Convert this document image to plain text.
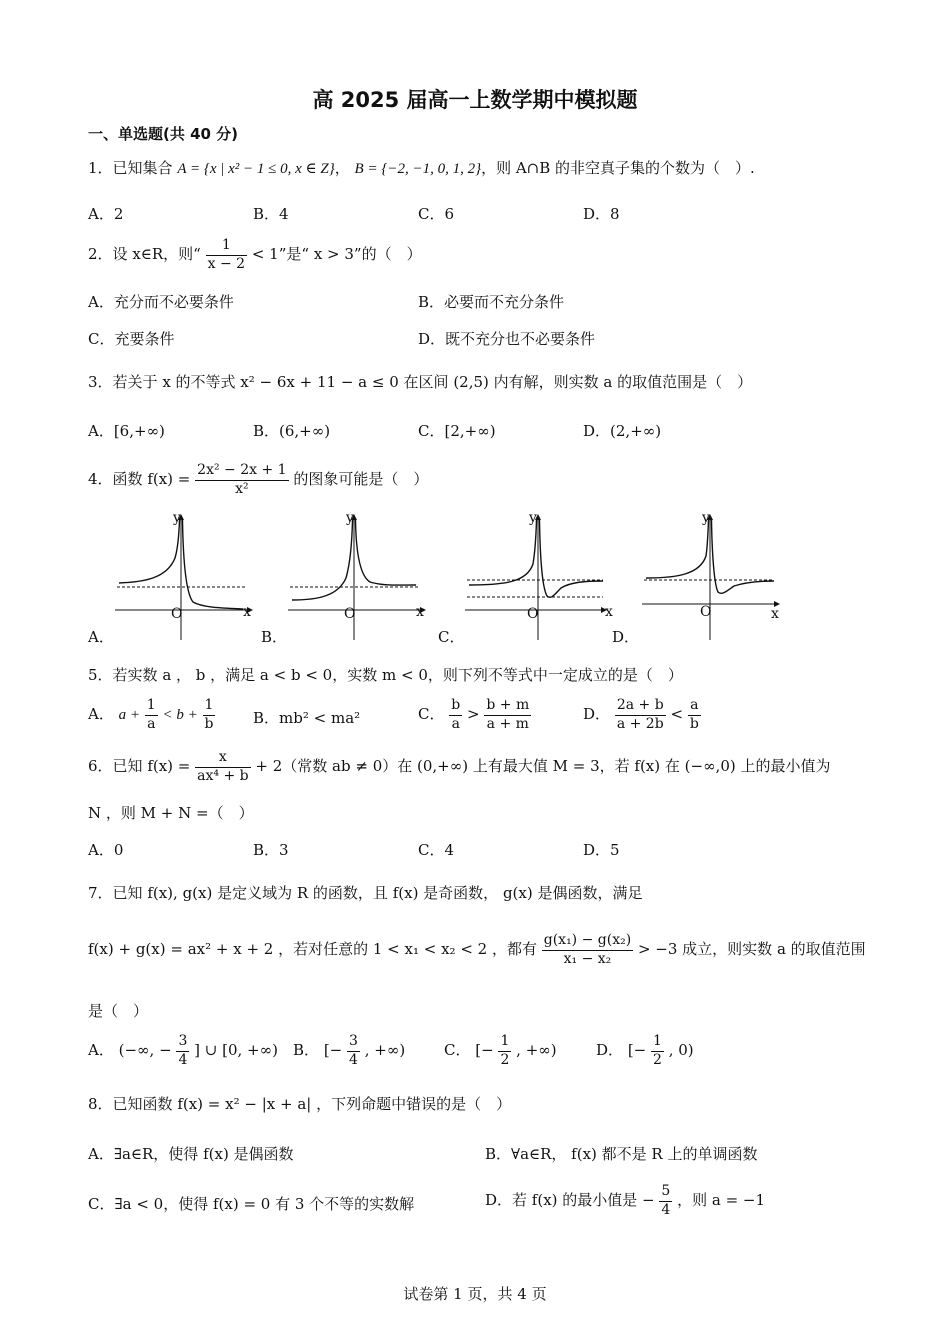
高 2025 届高一上数学期中模拟题
一、单选题(共 40 分)
1．已知集合 A = {x | x² − 1 ≤ 0, x ∈ Z}， B = {−2, −1, 0, 1, 2}，则 A∩B 的非空真子集的个数为（　）.
A．2	B．4	C．6	D．8
2．设 x∈R，则“ $\frac{1}{x - 2} < 1$”是“ x > 3”的（　）
A．充分而不必要条件	B．必要而不充分条件
C．充要条件	D．既不充分也不必要条件
3．若关于 x 的不等式 x² − 6x + 11 − a ≤ 0 在区间 (2,5) 内有解，则实数 a 的取值范围是（　）
A．[6,+∞)	B．(6,+∞)	C．[2,+∞)	D．(2,+∞)
4．函数 $f(x) = \frac{\text{2x² − 2x + 1}}{\text{x²}}$ 的图象可能是（　）
y
x
O
y
x
O
y
x
O
y
x
O
A．	B．	C．	D．
5．若实数 a ， b ，满足 a < b < 0，实数 m < 0，则下列不等式中一定成立的是（　）
A． $a + \frac{1}{a} < b + \frac{1}{b}$	B．mb² < ma²	C． $\frac{b}{a} > \frac{b + m}{a + m}$	D． $\frac{2a + b}{a + 2b} < \frac{a}{b}$
6．已知 $f(x) = \frac{x}{\text{ax⁴ + b}} + 2$（常数 ab ≠ 0）在 (0,+∞) 上有最大值 M = 3，若 f(x) 在 (−∞,0) 上的最小值为
N ，则 M + N =（　）
A．0	B．3	C．4	D．5
7．已知 f(x), g(x) 是定义域为 R 的函数，且 f(x) 是奇函数， g(x) 是偶函数，满足
f(x) + g(x) = ax² + x + 2 ，若对任意的 1 < x₁ < x₂ < 2 ，都有 $\frac{\text{g(x₁) − g(x₂)}}{\text{x₁ − x₂}} > -3$ 成立，则实数 a 的取值范围
是（　）
A． (−∞, − $\frac{3}{4}$ ] ∪ [0, +∞) B． [− $\frac{3}{4}$ , +∞)	C． [− $\frac{1}{2}$ , +∞)	D． [− $\frac{1}{2}$ , 0)
8．已知函数 f(x) = x² − |x + a| ，下列命题中错误的是（　）
A．∃a∈R，使得 f(x) 是偶函数	B．∀a∈R， f(x) 都不是 R 上的单调函数
C．∃a < 0，使得 f(x) = 0 有 3 个不等的实数解	D．若 f(x) 的最小值是 − $\frac{5}{4}$ ，则 a = −1
试卷第 1 页，共 4 页
